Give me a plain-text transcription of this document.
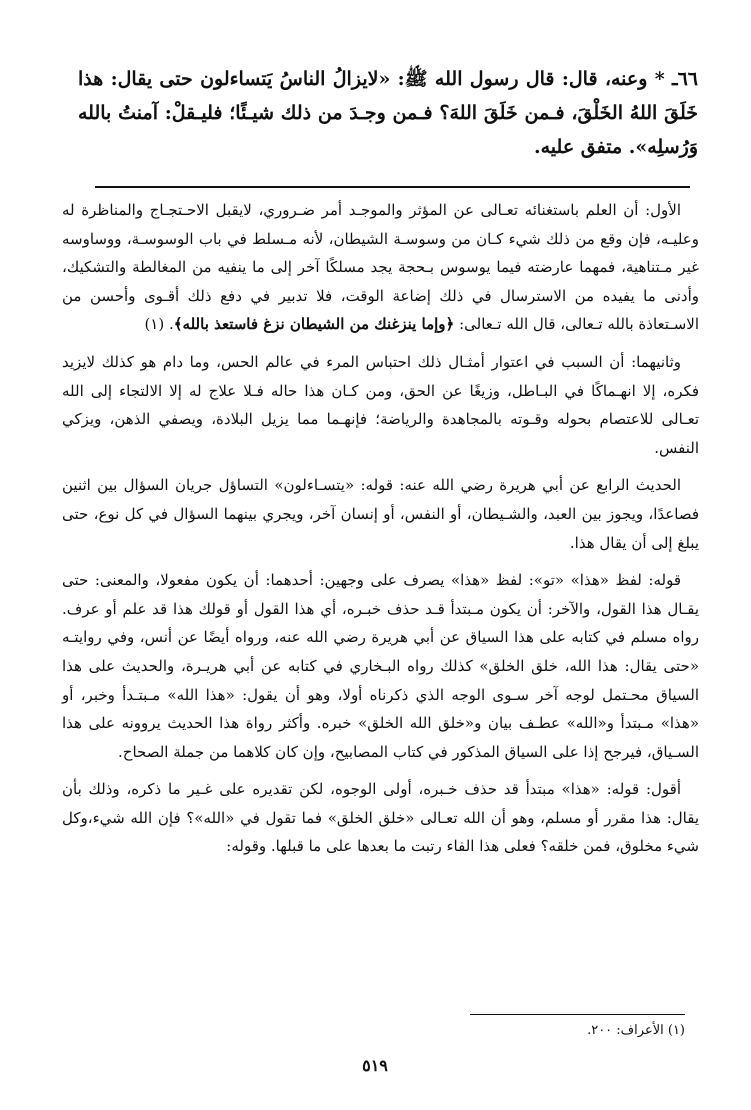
٦٦ـ * وعنه، قال: قال رسول الله ﷺ: «لايزالُ الناسُ يَتساءلون حتى يقال: هذا خَلَقَ اللهُ الخَلْقَ، فـمن خَلَقَ اللهَ؟ فـمن وجـدَ من ذلك شيـئًا؛ فليـقلْ: آمنتُ بالله وَرُسلِه». متفق عليه.

الأول: أن العلم باستغنائه تعـالى عن المؤثر والموجـد أمر ضـروري، لايقبل الاحـتجـاج والمناظرة له وعليـه، فإن وقع من ذلك شيء كـان من وسوسـة الشيطان، لأنه مـسلط في باب الوسوسـة، ووساوسه غير مـتناهية، فمهما عارضته فيما يوسوس بـحجة يجد مسلكًا آخر إلى ما ينفيه من المغالطة والتشكيك، وأدنى ما يفيده من الاسترسال في ذلك إضاعة الوقت، فلا تدبير في دفع ذلك أقـوى وأحسن من الاسـتعاذة بالله تـعالى، قال الله تـعالى: ﴿وإما ينزغنك من الشيطان نزغ فاستعذ بالله﴾. (١)

وثانيهما: أن السبب في اعتوار أمثـال ذلك احتباس المرء في عالم الحس، وما دام هو كذلك لايزيد فكره، إلا انهـماكًا في البـاطل، وزيغًا عن الحق، ومن كـان هذا حاله فـلا علاج له إلا الالتجاء إلى الله تعـالى للاعتصام بحوله وقـوته بالمجاهدة والرياضة؛ فإنهـما مما يزيل البلادة، ويصفي الذهن، ويزكي النفس.

الحديث الرابع عن أبي هريرة رضي الله عنه: قوله: «يتسـاءلون» التساؤل جريان السؤال بين اثنين فصاعدًا، ويجوز بين العبد، والشـيطان، أو النفس، أو إنسان آخر، ويجري بينهما السؤال في كل نوع، حتى يبلغ إلى أن يقال هذا.

قوله: لفظ «هذا» «تو»: لفظ «هذا» يصرف على وجهين: أحدهما: أن يكون مفعولا، والمعنى: حتى يقـال هذا القول، والآخر: أن يكون مـبتدأ قـد حذف خبـره، أي هذا القول أو قولك هذا قد علم أو عرف. رواه مسلم في كتابه على هذا السياق عن أبي هريرة رضي الله عنه، ورواه أيضًا عن أنس، وفي روايتـه «حتى يقال: هذا الله، خلق الخلق» كذلك رواه البـخاري في كتابه عن أبي هريـرة، والحديث على هذا السياق محـتمل لوجه آخر سـوى الوجه الذي ذكرناه أولا، وهو أن يقول: «هذا الله» مـبتـدأ وخبر، أو «هذا» مـبتدأ و«الله» عطـف بيان و«خلق الله الخلق» خبره. وأكثر رواة هذا الحديث يروونه على هذا السـياق، فيرجح إذا على السياق المذكور في كتاب المصابيح، وإن كان كلاهما من جملة الصحاح.

أقول: قوله: «هذا» مبتدأ قد حذف خـبره، أولى الوجوه، لكن تقديره على غـير ما ذكره، وذلك بأن يقال: هذا مقرر أو مسلم، وهو أن الله تعـالى «خلق الخلق» فما تقول في «الله»؟ فإن الله شيء،وكل شيء مخلوق، فمن خلقه؟ فعلى هذا الفاء رتبت ما بعدها على ما قبلها. وقوله:

(١) الأعراف: ٢٠٠.
٥١٩
